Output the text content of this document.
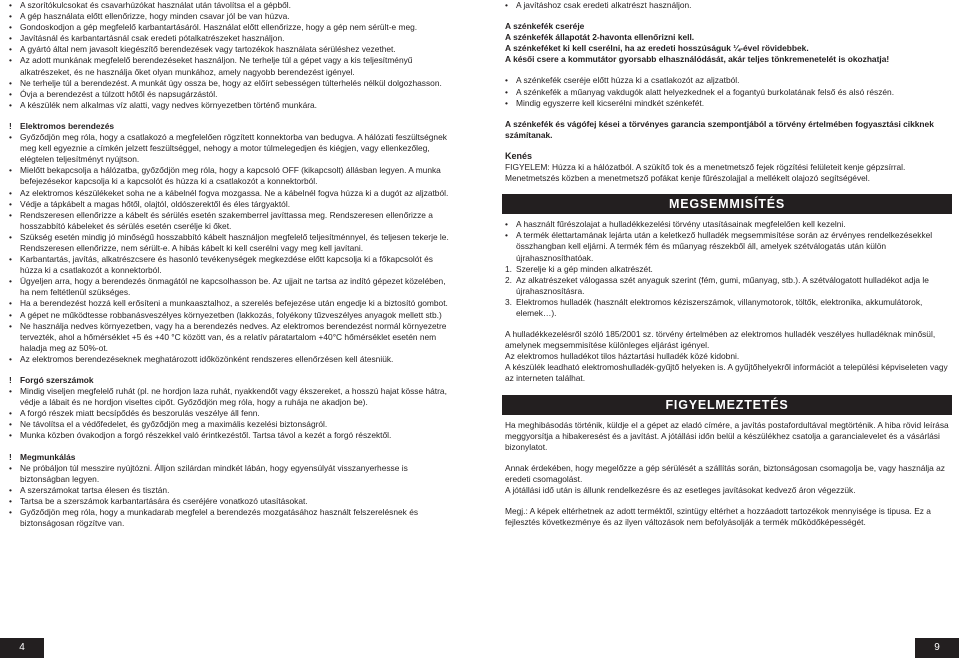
• A szorítókulcsokat és csavarhúzókat használat után távolítsa el a gépből.
• A gép használata előtt ellenőrizze, hogy minden csavar jól be van húzva.
• Gondoskodjon a gép megfelelő karbantartásáról. Használat előtt ellenőrizze, hogy a gép nem sérült-e meg.
• Javításnál és karbantartásnál csak eredeti pótalkatrészeket használjon.
• A gyártó által nem javasolt kiegészítő berendezések vagy tartozékok használata sérüléshez vezethet.
• Az adott munkának megfelelő berendezéseket használjon. Ne terhelje túl a gépet vagy a kis teljesítményű alkatrészeket, és ne használja őket olyan munkához, amely nagyobb berendezést igényel.
• Ne terhelje túl a berendezést. A munkát úgy ossza be, hogy az előírt sebességen túlterhelés nélkül dolgozhasson.
• Óvja a berendezést a túlzott hőtől és napsugárzástól.
• A készülék nem alkalmas víz alatti, vagy nedves környezetben történő munkára.

! Elektromos berendezés

• Győződjön meg róla, hogy a csatlakozó a megfelelően rögzített konnektorba van bedugva. A hálózati feszültségnek meg kell egyeznie a címkén jelzett feszültséggel, nehogy a motor túlmelegedjen és kiégjen, vagy ellenkezőleg, elégtelen teljesítményt nyújtson.
• Mielőtt bekapcsolja a hálózatba, győződjön meg róla, hogy a kapcsoló OFF (kikapcsolt) állásban legyen. A munka befejezésekor kapcsolja ki a kapcsolót és húzza ki a csatlakozót a konnektorból.
• Az elektromos készülékeket soha ne a kábelnél fogva mozgassa. Ne a kábelnél fogva húzza ki a dugót az aljzatból.
• Védje a tápkábelt a magas hőtől, olajtól, oldószerektől és éles tárgyaktól.
• Rendszeresen ellenőrizze a kábelt és sérülés esetén szakemberrel javíttassa meg. Rendszeresen ellenőrizze a hosszabbító kábeleket és sérülés esetén cserélje ki őket.
• Szükség esetén mindig jó minőségű hosszabbító kábelt használjon megfelelő teljesítménnyel, és teljesen tekerje le. Rendszeresen ellenőrizze, nem sérült-e. A hibás kábelt ki kell cserélni vagy meg kell javítani.
• Karbantartás, javítás, alkatrészcsere és hasonló tevékenységek megkezdése előtt kapcsolja ki a főkapcsolót és húzza ki a csatlakozót a konnektorból.
• Ügyeljen arra, hogy a berendezés önmagától ne kapcsolhasson be. Az ujjait ne tartsa az indító gépezet közelében, ha nem feltétlenül szükséges.
• Ha a berendezést hozzá kell erősíteni a munkaasztalhoz, a szerelés befejezése után engedje ki a biztosító gombot.
• A gépet ne működtesse robbanásveszélyes környezetben (lakkozás, folyékony tűzveszélyes anyagok mellett stb.)
• Ne használja nedves környezetben, vagy ha a berendezés nedves. Az elektromos berendezést normál környezetre tervezték, ahol a hőmérséklet +5 és +40 °C között van, és a relatív páratartalom +40°C hőmérséklet esetén nem haladja meg az 50%-ot.
• Az elektromos berendezéseknek meghatározott időközönként rendszeres ellenőrzésen kell átesniük.

! Forgó szerszámok

• Mindig viseljen megfelelő ruhát (pl. ne hordjon laza ruhát, nyakkendőt vagy ékszereket, a hosszú hajat kösse hátra, védje a lábait és ne hordjon viseltes cipőt. Győződjön meg róla, hogy a ruhája ne akadjon be).
• A forgó részek miatt becsípődés és beszorulás veszélye áll fenn.
• Ne távolítsa el a védőfedelet, és győződjön meg a maximális kezelési biztonságról.
• Munka közben óvakodjon a forgó részekkel való érintkezéstől. Tartsa távol a kezét a forgó részektől.

! Megmunkálás

• Ne próbáljon túl messzire nyújtózni. Álljon szilárdan mindkét lábán, hogy egyensúlyát visszanyerhesse is biztonságban legyen.
• A szerszámokat tartsa élesen és tisztán.
• Tartsa be a szerszámok karbantartására és cseréjére vonatkozó utasításokat.
• Győződjön meg róla, hogy a munkadarab megfelel a berendezés mozgatásához használt felszerelésnek és biztonságosan rögzítve van.
• A javításhoz csak eredeti alkatrészt használjon.
A szénkefék cseréje
A szénkefék állapotát 2-havonta ellenőrizni kell.
A szénkeféket ki kell cserélni, ha az eredeti hosszúságuk ¼-ével rövidebbek.
A késői csere a kommutátor gyorsabb elhasználódását, akár teljes tönkremenetelét is okozhatja!
• A szénkefék cseréje előtt húzza ki a csatlakozót az aljzatból.
• A szénkefék a műanyag vakdugók alatt helyezkednek el a fogantyú burkolatának felső és alsó részén.
• Mindig egyszerre kell kicserélni mindkét szénkefét.

A szénkefék és vágófej kései a törvényes garancia szempontjából a törvény értelmében fogyasztási cikknek számítanak.

Kenés

FIGYELEM: Húzza ki a hálózatból. A szükítő tok és a menetmetsző fejek rögzítési felületeit kenje gépzsírral. Menetmetszés közben a menetmetsző pofákat kenje fűrészolajjal a mellékelt olajozó segítségével.

MEGSEMMISÍTÉS
• A használt fűrészolajat a hulladékkezelési törvény utasításainak megfelelően kell kezelni.
• A termék élettartamának lejárta után a keletkező hulladék megsemmisítése során az érvényes rendelkezésekkel összhangban kell eljárni. A termék fém és műanyag részekből áll, amelyek szétválogatás után külön újrahasznosíthatóak.
1. Szerelje ki a gép minden alkatrészét.
2. Az alkatrészeket válogassa szét anyaguk szerint (fém, gumi, műanyag, stb.). A szétválogatott hulladékot adja le újrahasznosításra.
3. Elektromos hulladék (használt elektromos kéziszerszámok, villanymotorok, töltők, elektronika, akkumulátorok, elemek…).
A hulladékkezelésről szóló 185/2001 sz. törvény értelmében az elektromos hulladék veszélyes hulladéknak minősül, amelynek megsemmisítése különleges eljárást igényel.
Az elektromos hulladékot tilos háztartási hulladék közé kidobni.
A készülék leadható elektromoshulladék-gyűjtő helyeken is. A gyűjtőhelyekről információt a települési képviseleten vagy az interneten találhat.
FIGYELMEZTETÉS

Ha meghibásodás történik, küldje el a gépet az eladó címére, a javítás postafordultával megtörténik. A hiba rövid leírása meggyorsítja a hibakeresést és a javítást. A jótállási időn belül a készülékhez csatolja a garancialevelet és a vásárlási bizonylatot.

Annak érdekében, hogy megelőzze a gép sérülését a szállítás során, biztonságosan csomagolja be, vagy használja az eredeti csomagolást.

A jótállási idő után is állunk rendelkezésre és az esetleges javításokat kedvező áron végezzük.

Megj.: A képek eltérhetnek az adott terméktől, szintügy eltérhet a hozzáadott tartozékok mennyisége is tipusa. Ez a fejlesztés következménye és az ilyen változások nem befolyásolják a termék működőképességét.

4	9
